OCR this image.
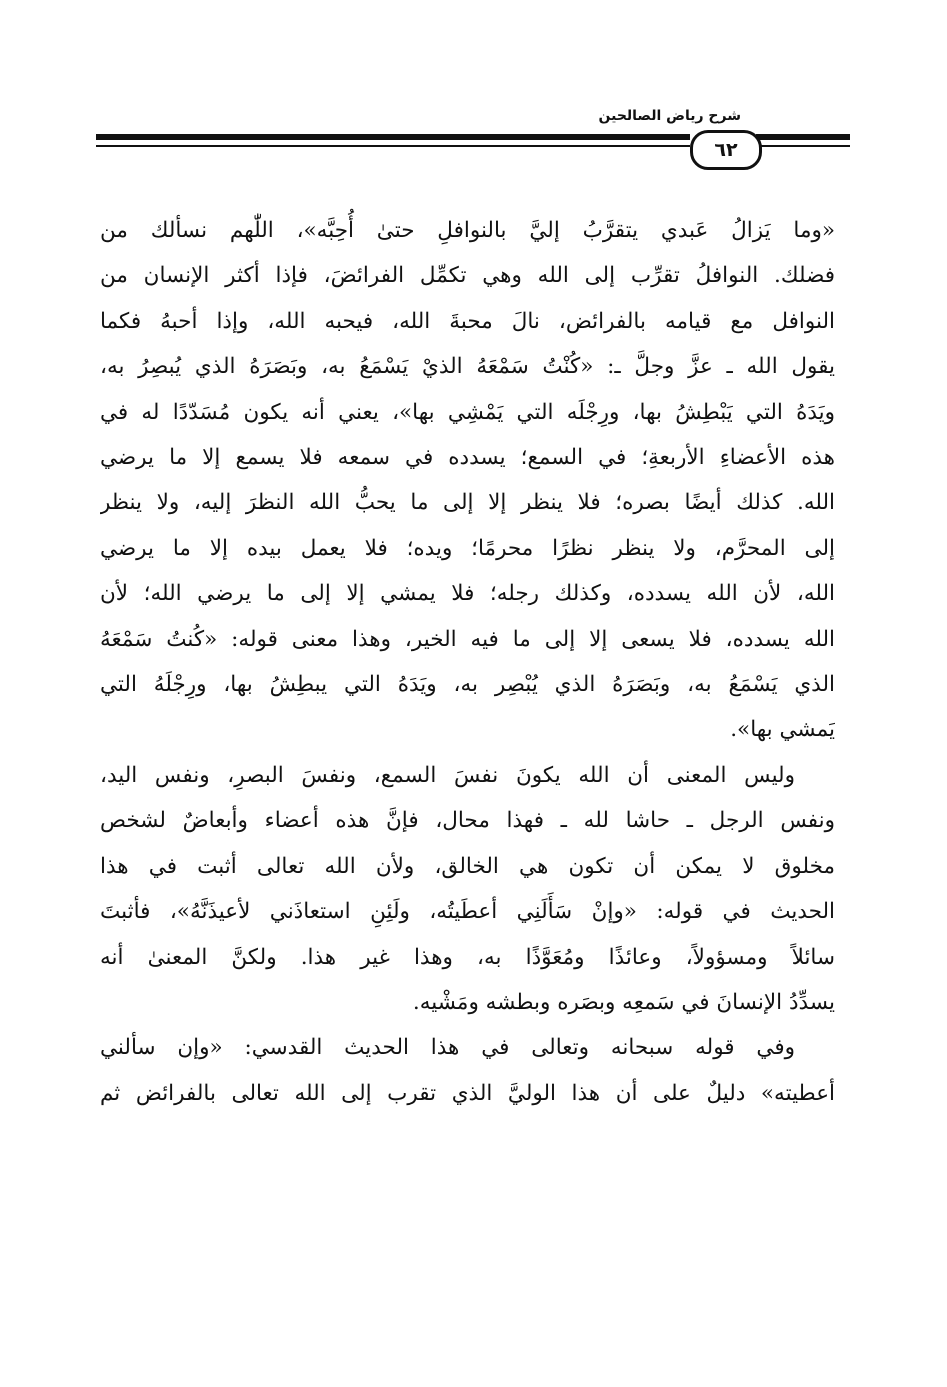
شرح رياض الصالحين
٦٢

«وما يَزالُ عَبدي يتقرَّبُ إليَّ بالنوافلِ حتىٰ أُحِبَّه»، اللّٰهم نسألك من
فضلك. النوافلُ تقرِّب إلى الله وهي تكمِّل الفرائضَ، فإذا أكثر الإنسان من
النوافل مع قيامه بالفرائض، نالَ محبةَ الله، فيحبه الله، وإذا أحبهُ فكما
يقول الله ـ عزَّ وجلَّ ـ: «كُنْتُ سَمْعَهُ الذيْ يَسْمَعُ به، وبَصَرَهُ الذي يُبصِرُ به،
ويَدَهُ التي يَبْطِشُ بها، ورِجْلَه التي يَمْشِي بها»، يعني أنه يكون مُسَدّدًا له في
هذه الأعضاءِ الأربعةِ؛ في السمع؛ يسدده في سمعه فلا يسمع إلا ما يرضي
الله. كذلك أيضًا بصره؛ فلا ينظر إلا إلى ما يحبُّ الله النظرَ إليه، ولا ينظر
إلى المحرَّم، ولا ينظر نظرًا محرمًا؛ ويده؛ فلا يعمل بيده إلا ما يرضي
الله، لأن الله يسدده، وكذلك رجله؛ فلا يمشي إلا إلى ما يرضي الله؛ لأن
الله يسدده، فلا يسعى إلا إلى ما فيه الخير، وهذا معنى قوله: «كُنتُ سَمْعَهُ
الذي يَسْمَعُ به، وبَصَرَهُ الذي يُبْصِر به، ويَدَهُ التي يبطِشُ بها، ورِجْلَهُ التي
يَمشي بها».

وليس المعنى أن الله يكونَ نفسَ السمع، ونفسَ البصرِ، ونفس اليد،
ونفس الرجل ـ حاشا لله ـ فهذا محال، فإنَّ هذه أعضاء وأبعاضٌ لشخص
مخلوق لا يمكن أن تكون هي الخالق، ولأن الله تعالى أثبت في هذا
الحديث في قوله: «وإنْ سَأَلَنِي أعطَيتُه، ولَئِنِ استعاذَني لأعيذَنَّهُ»، فأثبتَ
سائلاً ومسؤولاً، وعائذًا ومُعَوَّذًا به، وهذا غير هذا. ولكنَّ المعنىٰ أنه
يسدِّدُ الإنسانَ في سَمعِه وبصَره وبطشه ومَشْيه.

وفي قوله سبحانه وتعالى في هذا الحديث القدسي: «وإن سألني
أعطيته» دليلٌ على أن هذا الوليَّ الذي تقرب إلى الله تعالى بالفرائض ثم
